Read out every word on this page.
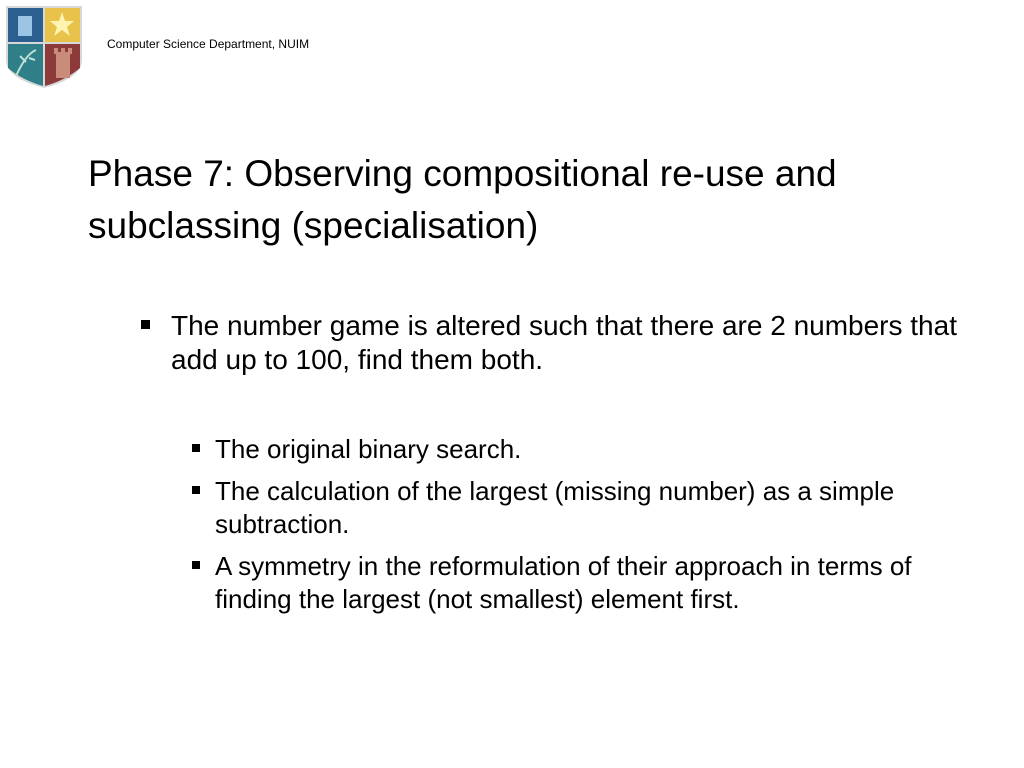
Computer Science Department, NUIM
Phase 7: Observing compositional re-use and subclassing (specialisation)
The number game is altered such that there are 2 numbers that add up to 100, find them both.
The original binary search.
The calculation of the largest (missing number) as a simple subtraction.
A symmetry in the reformulation of their approach in terms of finding the largest (not smallest) element first.
